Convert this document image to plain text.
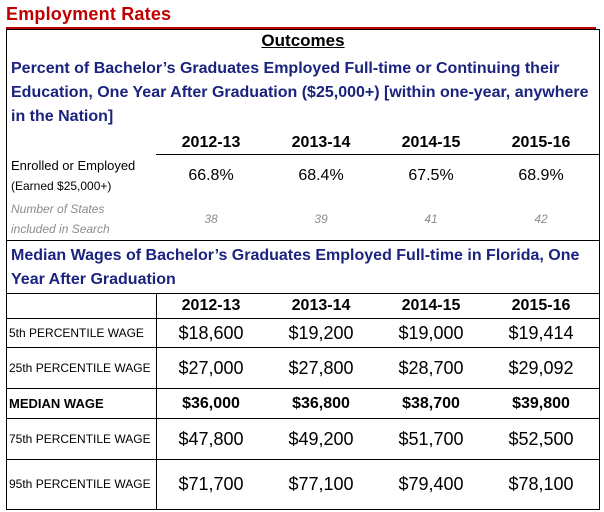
Employment Rates
Outcomes
Percent of Bachelor’s Graduates Employed Full-time or Continuing their Education, One Year After Graduation ($25,000+) [within one-year, anywhere in the Nation]
2012-13	2013-14	2014-15	2015-16
Enrolled or Employed
(Earned $25,000+)
66.8%	68.4%	67.5%	68.9%
Number of States
included in Search
38	39	41	42
Median Wages of Bachelor’s Graduates Employed Full-time in Florida, One Year After Graduation
2012-13	2013-14	2014-15	2015-16
5th PERCENTILE WAGE	$18,600	$19,200	$19,000	$19,414
25th PERCENTILE WAGE	$27,000	$27,800	$28,700	$29,092
MEDIAN WAGE	$36,000	$36,800	$38,700	$39,800
75th PERCENTILE WAGE	$47,800	$49,200	$51,700	$52,500
95th PERCENTILE WAGE	$71,700	$77,100	$79,400	$78,100
